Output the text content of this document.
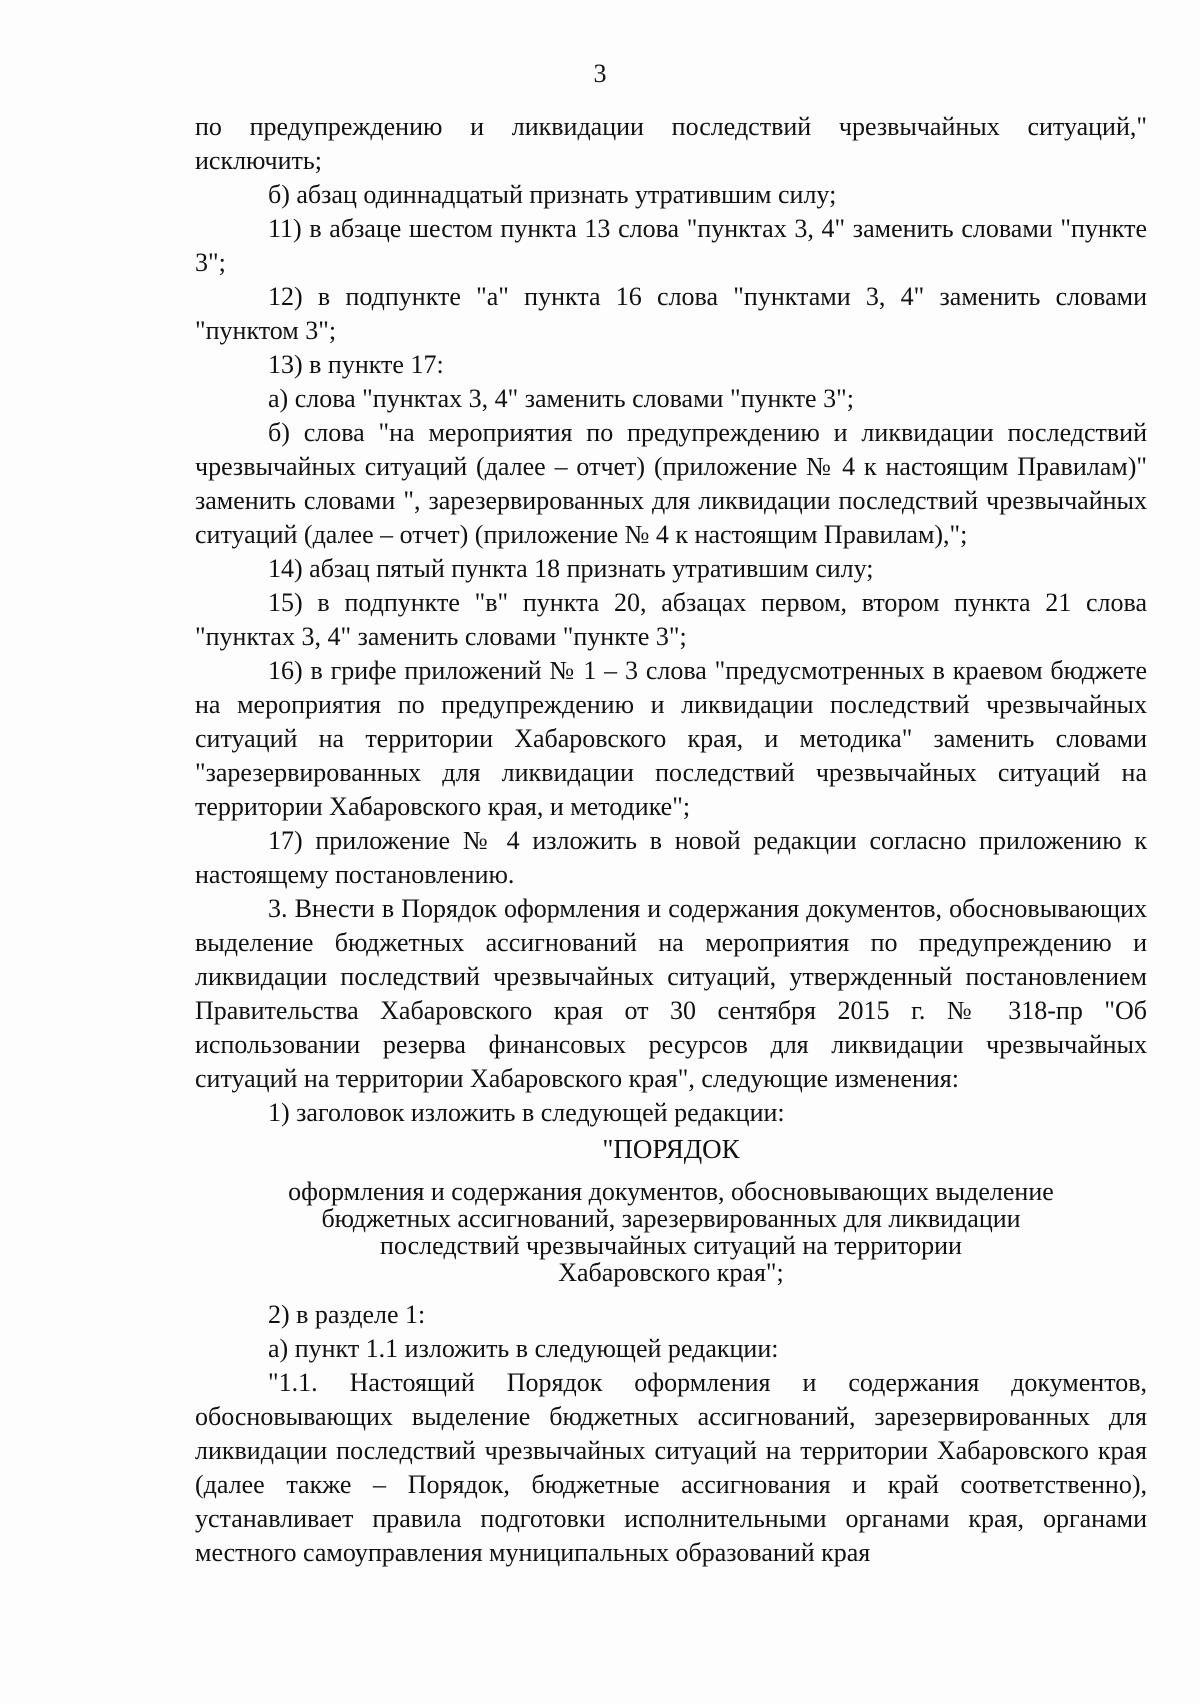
3

по предупреждению и ликвидации последствий чрезвычайных ситуаций," исключить;

б) абзац одиннадцатый признать утратившим силу;

11) в абзаце шестом пункта 13 слова "пунктах 3, 4" заменить словами "пункте 3";

12) в подпункте "а" пункта 16 слова "пунктами 3, 4" заменить словами "пунктом 3";

13) в пункте 17:

а) слова "пунктах 3, 4" заменить словами "пункте 3";

б) слова "на мероприятия по предупреждению и ликвидации последствий чрезвычайных ситуаций (далее – отчет) (приложение № 4 к настоящим Правилам)" заменить словами ", зарезервированных для ликвидации последствий чрезвычайных ситуаций (далее – отчет) (приложение № 4 к настоящим Правилам),";

14) абзац пятый пункта 18 признать утратившим силу;

15) в подпункте "в" пункта 20, абзацах первом, втором пункта 21 слова "пунктах 3, 4" заменить словами "пункте 3";

16) в грифе приложений № 1 – 3 слова "предусмотренных в краевом бюджете на мероприятия по предупреждению и ликвидации последствий чрезвычайных ситуаций на территории Хабаровского края, и методика" заменить словами "зарезервированных для ликвидации последствий чрезвычайных ситуаций на территории Хабаровского края, и методике";

17) приложение № 4 изложить в новой редакции согласно приложению к настоящему постановлению.

3. Внести в Порядок оформления и содержания документов, обосновывающих выделение бюджетных ассигнований на мероприятия по предупреждению и ликвидации последствий чрезвычайных ситуаций, утвержденный постановлением Правительства Хабаровского края от 30 сентября 2015 г. № 318-пр "Об использовании резерва финансовых ресурсов для ликвидации чрезвычайных ситуаций на территории Хабаровского края", следующие изменения:

1) заголовок изложить в следующей редакции:

"ПОРЯДОК

оформления и содержания документов, обосновывающих выделение
бюджетных ассигнований, зарезервированных для ликвидации
последствий чрезвычайных ситуаций на территории
Хабаровского края";

2) в разделе 1:

а) пункт 1.1 изложить в следующей редакции:

"1.1. Настоящий Порядок оформления и содержания документов, обосновывающих выделение бюджетных ассигнований, зарезервированных для ликвидации последствий чрезвычайных ситуаций на территории Хабаровского края (далее также – Порядок, бюджетные ассигнования и край соответственно), устанавливает правила подготовки исполнительными органами края, органами местного самоуправления муниципальных образований края
